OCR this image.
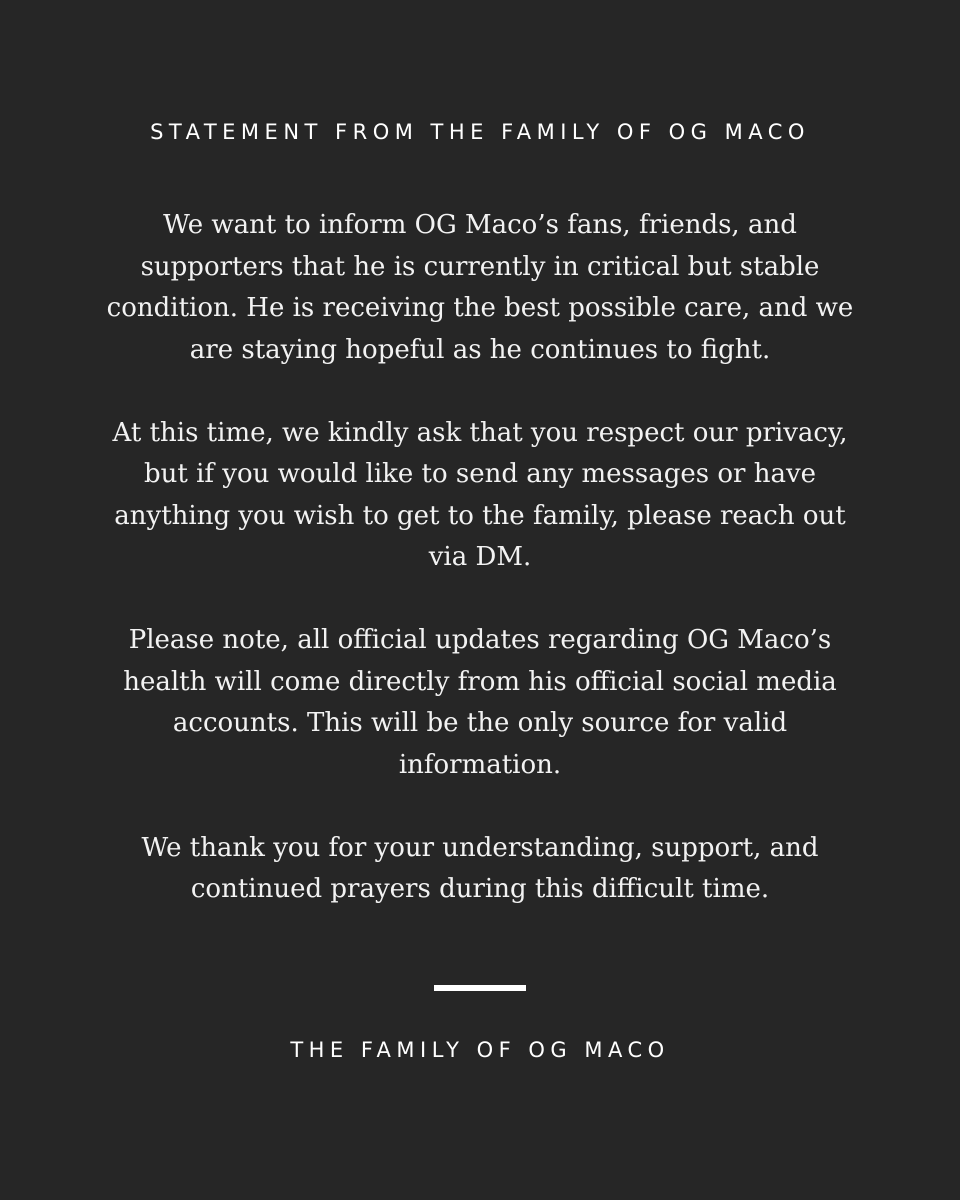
STATEMENT FROM THE FAMILY OF OG MACO

We want to inform OG Maco’s fans, friends, and
supporters that he is currently in critical but stable
condition. He is receiving the best possible care, and we
are staying hopeful as he continues to fight.

At this time, we kindly ask that you respect our privacy,
but if you would like to send any messages or have
anything you wish to get to the family, please reach out
via DM.

Please note, all official updates regarding OG Maco’s
health will come directly from his official social media
accounts. This will be the only source for valid
information.

We thank you for your understanding, support, and
continued prayers during this difficult time.

THE FAMILY OF OG MACO
